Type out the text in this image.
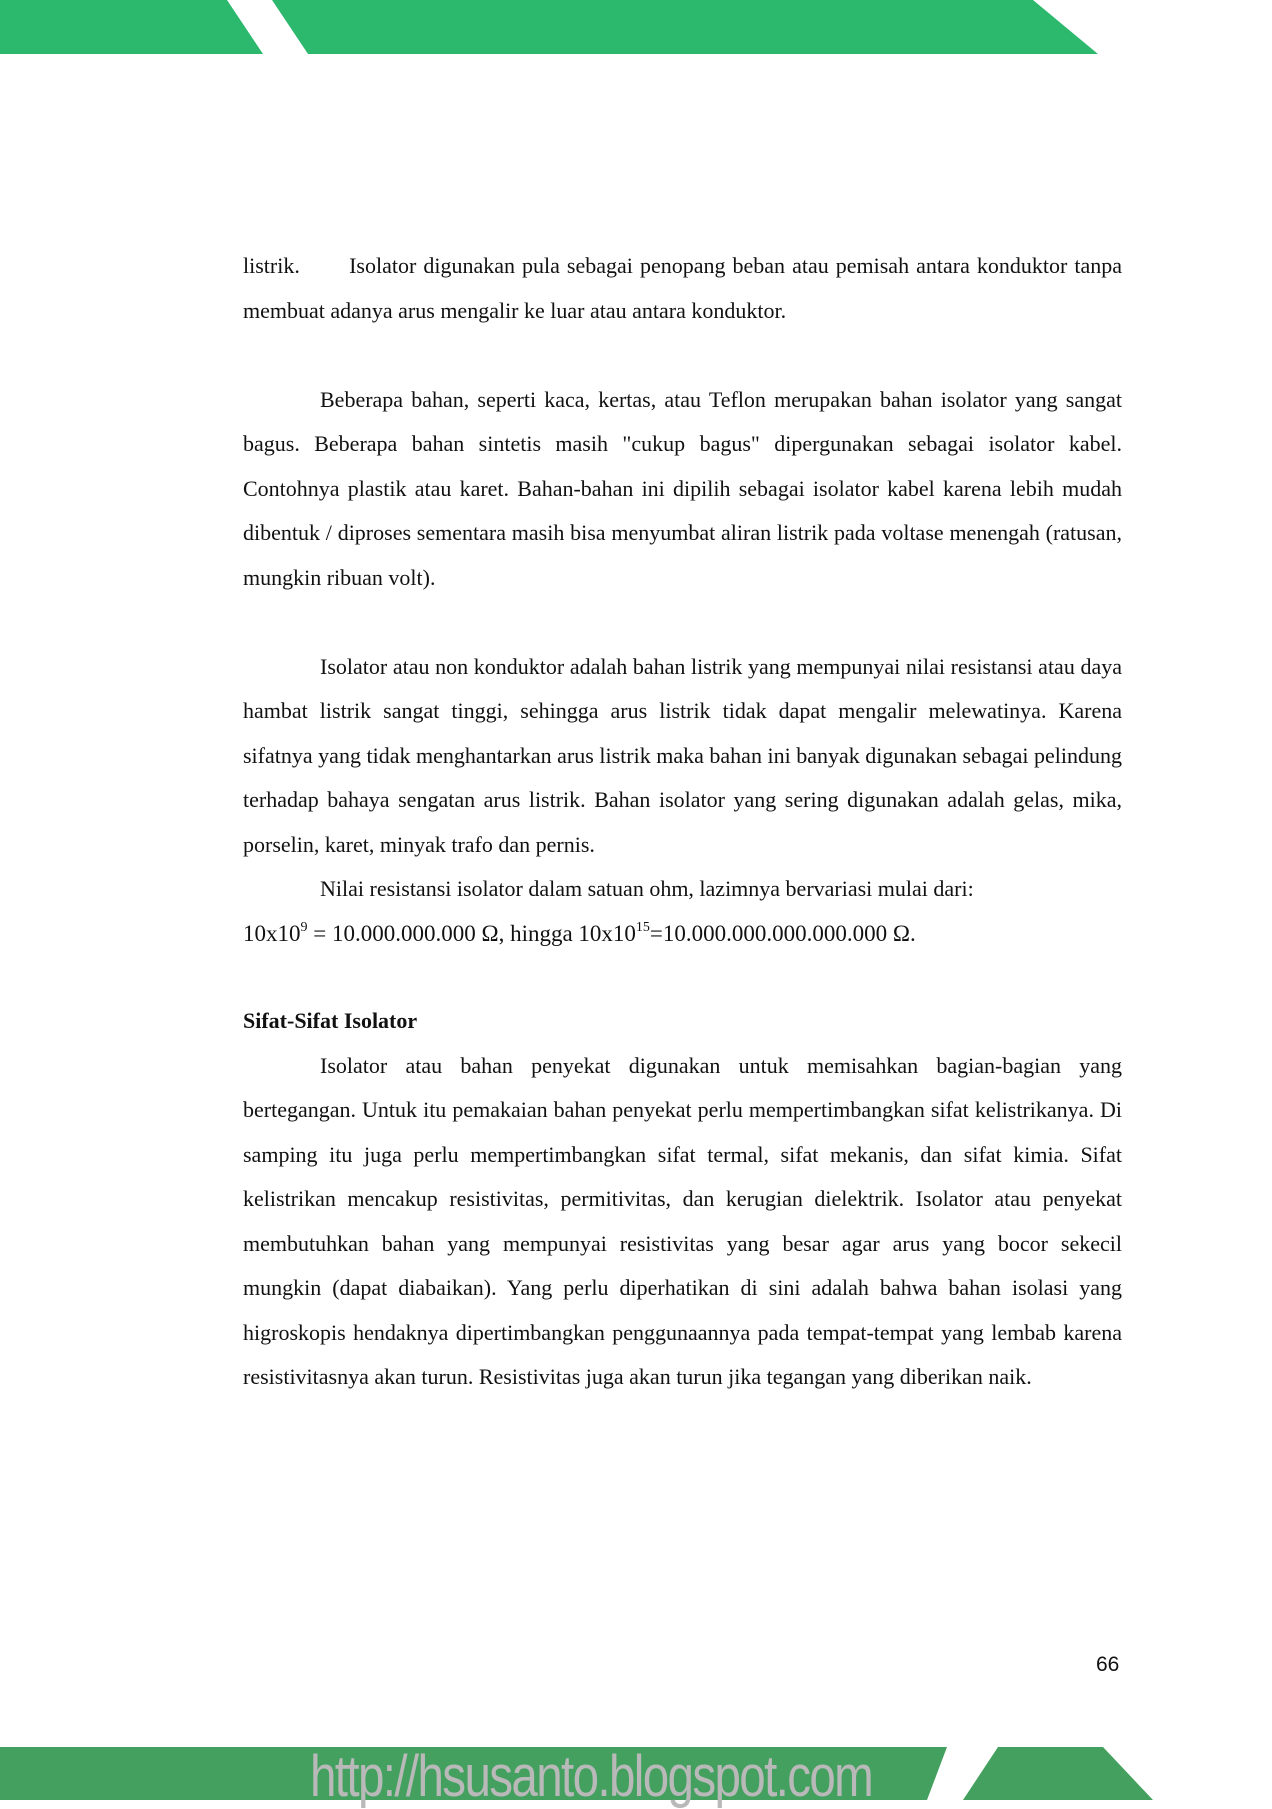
listrik.       Isolator digunakan pula sebagai penopang beban atau pemisah antara konduktor tanpa membuat adanya arus mengalir ke luar atau antara konduktor.

Beberapa bahan, seperti kaca, kertas, atau Teflon merupakan bahan isolator yang sangat bagus. Beberapa bahan sintetis masih "cukup bagus" dipergunakan sebagai isolator kabel. Contohnya plastik atau karet. Bahan-bahan ini dipilih sebagai isolator kabel karena lebih mudah dibentuk / diproses sementara masih bisa menyumbat aliran listrik pada voltase menengah (ratusan, mungkin ribuan volt).

Isolator atau non konduktor adalah bahan listrik yang mempunyai nilai resistansi atau daya hambat listrik sangat tinggi, sehingga arus listrik tidak dapat mengalir melewatinya. Karena sifatnya yang tidak menghantarkan arus listrik maka bahan ini banyak digunakan sebagai pelindung terhadap bahaya sengatan arus listrik. Bahan isolator yang sering digunakan adalah gelas, mika, porselin, karet, minyak trafo dan pernis.

Nilai resistansi isolator dalam satuan ohm, lazimnya bervariasi mulai dari:

$10x10^9 = 10.000.000.000$ Ω, hingga $10x10^{15}=10.000.000.000.000.000$ Ω.

Sifat-Sifat Isolator

Isolator atau bahan penyekat digunakan untuk memisahkan bagian-bagian yang bertegangan. Untuk itu pemakaian bahan penyekat perlu mempertimbangkan sifat kelistrikanya. Di samping itu juga perlu mempertimbangkan sifat termal, sifat mekanis, dan sifat kimia. Sifat kelistrikan mencakup resistivitas, permitivitas, dan kerugian dielektrik. Isolator atau penyekat membutuhkan bahan yang mempunyai resistivitas yang besar agar arus yang bocor sekecil mungkin (dapat diabaikan). Yang perlu diperhatikan di sini adalah bahwa bahan isolasi yang higroskopis hendaknya dipertimbangkan penggunaannya pada tempat-tempat yang lembab karena resistivitasnya akan turun. Resistivitas juga akan turun jika tegangan yang diberikan naik.

66
http://hsusanto.blogspot.com
